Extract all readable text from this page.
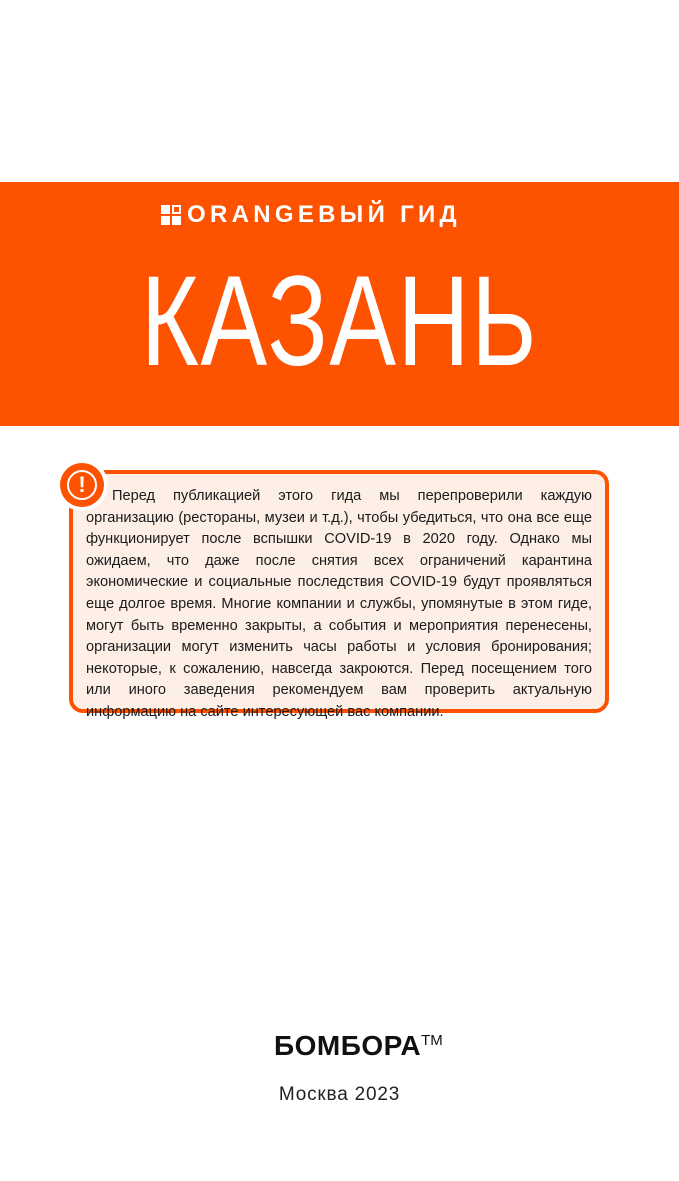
ORANGEВЫЙ ГИД
КАЗАНЬ
!	Перед публикацией этого гида мы перепроверили каждую организацию (рестораны, музеи и т.д.), чтобы убедиться, что она все еще функционирует после вспышки COVID-19 в 2020 году. Однако мы ожидаем, что даже после снятия всех ограничений карантина экономические и социальные последствия COVID-19 будут проявляться еще долгое время. Многие компании и службы, упомянутые в этом гиде, могут быть временно закрыты, а события и мероприятия перенесены, организации могут изменить часы работы и условия бронирования; некоторые, к сожалению, навсегда закроются. Перед посещением того или иного заведения рекомендуем вам проверить актуальную информацию на сайте интересующей вас компании.
БОМБОРАTM
Москва 2023
